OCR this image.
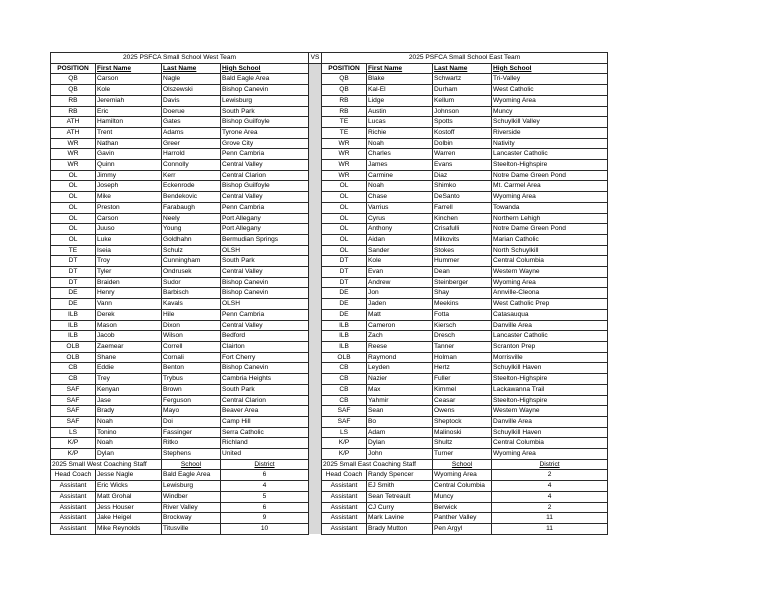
2025 PSFCA Small School West Team				VS	2025 PSFCA Small School East Team			
POSITION	First Name	Last Name	High School		POSITION	First Name	Last Name	High School
QB	Carson	Nagle	Bald Eagle Area		QB	Blake	Schwartz	Tri-Valley
QB	Kole	Olszewski	Bishop Canevin		QB	Kal-El	Durham	West Catholic
RB	Jeremiah	Davis	Lewisburg		RB	Lidge	Kellum	Wyoming Area
RB	Eric	Doerue	South Park		RB	Austin	Johnson	Muncy
ATH	Hamilton	Gates	Bishop Guilfoyle		TE	Lucas	Spotts	Schuylkill Valley
ATH	Trent	Adams	Tyrone Area		TE	Richie	Kostoff	Riverside
WR	Nathan	Greer	Grove City		WR	Noah	Dolbin	Nativity
WR	Gavin	Harrold	Penn Cambria		WR	Charles	Warren	Lancaster Catholic
WR	Quinn	Connolly	Central Valley		WR	James	Evans	Steelton-Highspire
OL	Jimmy	Kerr	Central Clarion		WR	Carmine	Diaz	Notre Dame Green Pond
OL	Joseph	Eckenrode	Bishop Guilfoyle		OL	Noah	Shimko	Mt. Carmel Area
OL	Mike	Bendekovic	Central Valley		OL	Chase	DeSanto	Wyoming Area
OL	Preston	Farabaugh	Penn Cambria		OL	Varrius	Farrell	Towanda
OL	Carson	Neely	Port Allegany		OL	Cyrus	Kinchen	Northern Lehigh
OL	Juuso	Young	Port Allegany		OL	Anthony	Crisafulli	Notre Dame Green Pond
OL	Luke	Goldhahn	Bermudian Springs		OL	Aidan	Milkovits	Marian Catholic
TE	Iseia	Schulz	OLSH		OL	Sander	Stokes	North Schuylkill
DT	Troy	Cunningham	South Park		DT	Kole	Hummer	Central Columbia
DT	Tyler	Ondrusek	Central Valley		DT	Evan	Dean	Western Wayne
DT	Braiden	Sudor	Bishop Canevin		DT	Andrew	Steinberger	Wyoming Area
DE	Henry	Barbisch	Bishop Canevin		DE	Jon	Shay	Annville-Cleona
DE	Vann	Kavals	OLSH		DE	Jaden	Meekins	West Catholic Prep
ILB	Derek	Hile	Penn Cambria		DE	Matt	Fotta	Catasauqua
ILB	Mason	Dixon	Central Valley		ILB	Cameron	Kiersch	Danville Area
ILB	Jacob	Wilson	Bedford		ILB	Zach	Dresch	Lancaster Catholic
OLB	Zaemear	Correll	Clairton		ILB	Reese	Tanner	Scranton Prep
OLB	Shane	Cornali	Fort Cherry		OLB	Raymond	Holman	Morrisville
CB	Eddie	Benton	Bishop Canevin		CB	Leyden	Hertz	Schuylkill Haven
CB	Trey	Trybus	Cambria Heights		CB	Nazier	Fuller	Steelton-Highspire
SAF	Kenyan	Brown	South Park		CB	Max	Kimmel	Lackawanna Trail
SAF	Jase	Ferguson	Central Clarion		CB	Yahmir	Ceasar	Steelton-Highspire
SAF	Brady	Mayo	Beaver Area		SAF	Sean	Owens	Western Wayne
SAF	Noah	Doi	Camp Hill		SAF	Bo	Sheptock	Danville Area
LS	Tonino	Fassinger	Serra Catholic		LS	Adam	Malinoski	Schuylkill Haven
K/P	Noah	Ritko	Richland		K/P	Dylan	Shultz	Central Columbia
K/P	Dylan	Stephens	United		K/P	John	Turner	Wyoming Area
2025 Small West Coaching Staff		School	District		2025 Small East Coaching Staff		School	District
Head Coach	Jesse Nagle	Bald Eagle Area	6		Head Coach	Randy Spencer	Wyoming Area	2
Assistant	Eric Wicks	Lewisburg	4		Assistant	EJ Smith	Central Columbia	4
Assistant	Matt Grohal	Windber	5		Assistant	Sean Tetreault	Muncy	4
Assistant	Jess Houser	River Valley	6		Assistant	CJ Curry	Berwick	2
Assistant	Jake Heigel	Brockway	9		Assistant	Mark Lavine	Panther Valley	11
Assistant	Mike Reynolds	Titusville	10		Assistant	Brady Mutton	Pen Argyl	11
